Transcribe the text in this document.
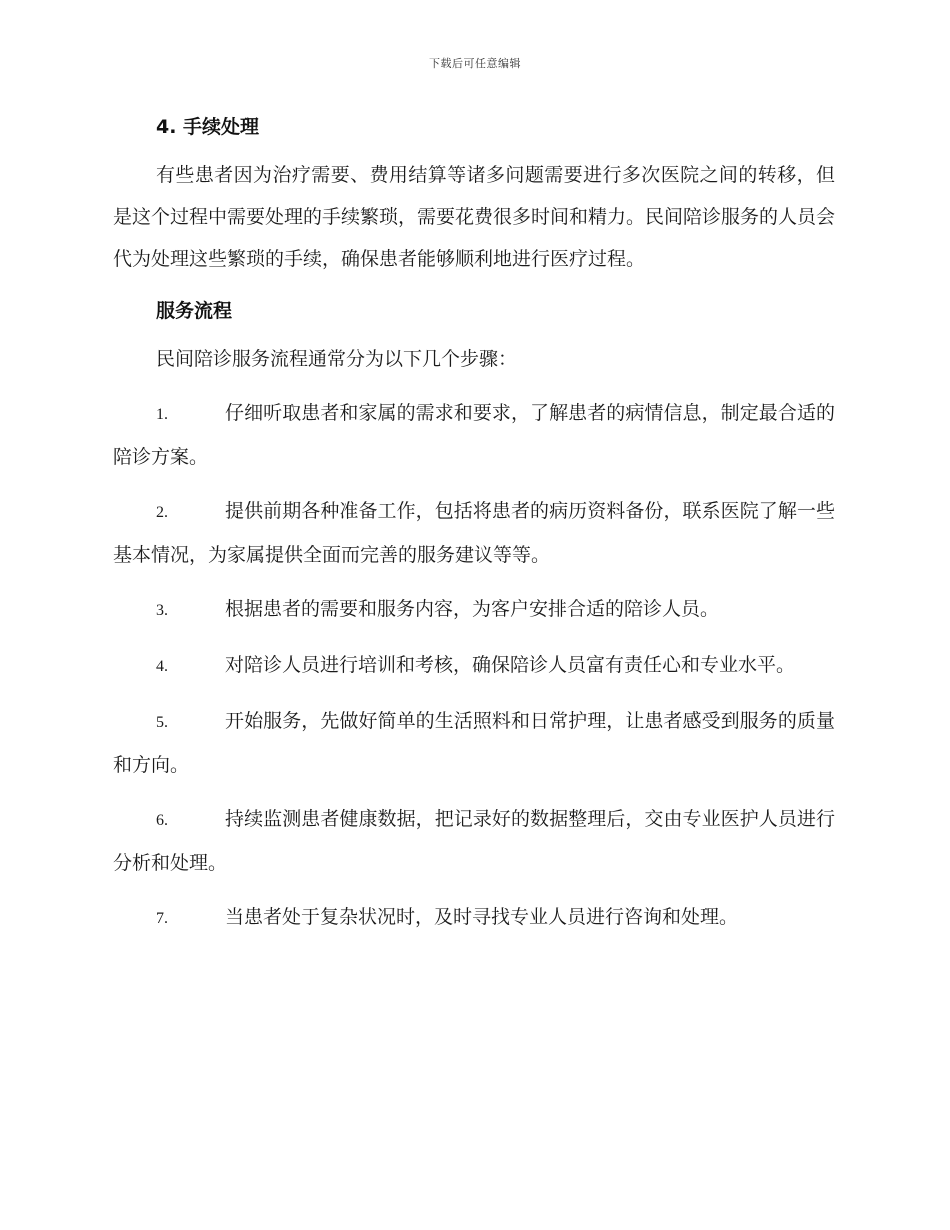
下载后可任意编辑
4. 手续处理

有些患者因为治疗需要、费用结算等诸多问题需要进行多次医院之间的转移，但是这个过程中需要处理的手续繁琐，需要花费很多时间和精力。民间陪诊服务的人员会代为处理这些繁琐的手续，确保患者能够顺利地进行医疗过程。

服务流程

民间陪诊服务流程通常分为以下几个步骤：

1.	仔细听取患者和家属的需求和要求，了解患者的病情信息，制定最合适的陪诊方案。

2.	提供前期各种准备工作，包括将患者的病历资料备份，联系医院了解一些基本情况，为家属提供全面而完善的服务建议等等。

3.	根据患者的需要和服务内容，为客户安排合适的陪诊人员。

4.	对陪诊人员进行培训和考核，确保陪诊人员富有责任心和专业水平。

5.	开始服务，先做好简单的生活照料和日常护理，让患者感受到服务的质量和方向。

6.	持续监测患者健康数据，把记录好的数据整理后，交由专业医护人员进行分析和处理。

7.	当患者处于复杂状况时，及时寻找专业人员进行咨询和处理。
